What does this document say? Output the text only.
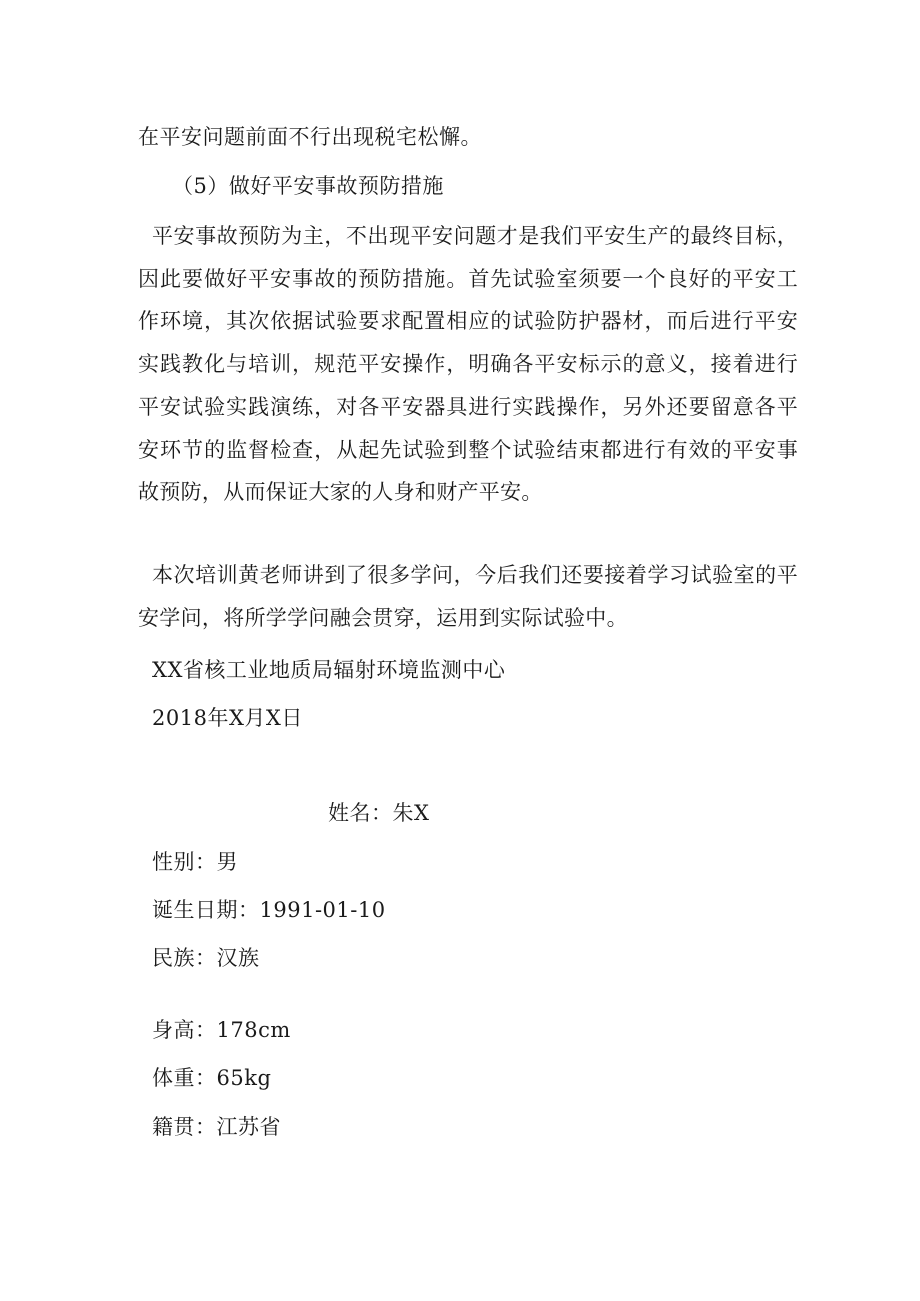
在平安问题前面不行出现税宅松懈。
（5）做好平安事故预防措施
平安事故预防为主，不出现平安问题才是我们平安生产的最终目标，因此要做好平安事故的预防措施。首先试验室须要一个良好的平安工作环境，其次依据试验要求配置相应的试验防护器材，而后进行平安实践教化与培训，规范平安操作，明确各平安标示的意义，接着进行平安试验实践演练，对各平安器具进行实践操作，另外还要留意各平安环节的监督检查，从起先试验到整个试验结束都进行有效的平安事故预防，从而保证大家的人身和财产平安。
本次培训黄老师讲到了很多学问，今后我们还要接着学习试验室的平安学问，将所学学问融会贯穿，运用到实际试验中。
XX省核工业地质局辐射环境监测中心
2018年X月X日
姓名：朱X
性别：男
诞生日期：1991-01-10
民族：汉族
身高：178cm
体重：65kg
籍贯：江苏省
